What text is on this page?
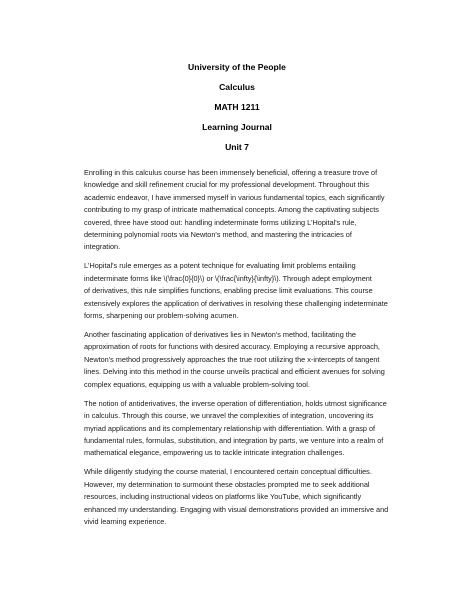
University of the People
Calculus
MATH 1211
Learning Journal
Unit 7
Enrolling in this calculus course has been immensely beneficial, offering a treasure trove of
knowledge and skill refinement crucial for my professional development. Throughout this
academic endeavor, I have immersed myself in various fundamental topics, each significantly
contributing to my grasp of intricate mathematical concepts. Among the captivating subjects
covered, three have stood out: handling indeterminate forms utilizing L'Hopital's rule,
determining polynomial roots via Newton's method, and mastering the intricacies of
integration.
L'Hopital's rule emerges as a potent technique for evaluating limit problems entailing
indeterminate forms like \(\frac{0}{0}\) or \(\frac{\infty}{\infty}\). Through adept employment
of derivatives, this rule simplifies functions, enabling precise limit evaluations. This course
extensively explores the application of derivatives in resolving these challenging indeterminate
forms, sharpening our problem-solving acumen.
Another fascinating application of derivatives lies in Newton's method, facilitating the
approximation of roots for functions with desired accuracy. Employing a recursive approach,
Newton's method progressively approaches the true root utilizing the x-intercepts of tangent
lines. Delving into this method in the course unveils practical and efficient avenues for solving
complex equations, equipping us with a valuable problem-solving tool.
The notion of antiderivatives, the inverse operation of differentiation, holds utmost significance
in calculus. Through this course, we unravel the complexities of integration, uncovering its
myriad applications and its complementary relationship with differentiation. With a grasp of
fundamental rules, formulas, substitution, and integration by parts, we venture into a realm of
mathematical elegance, empowering us to tackle intricate integration challenges.
While diligently studying the course material, I encountered certain conceptual difficulties.
However, my determination to surmount these obstacles prompted me to seek additional
resources, including instructional videos on platforms like YouTube, which significantly
enhanced my understanding. Engaging with visual demonstrations provided an immersive and
vivid learning experience.
